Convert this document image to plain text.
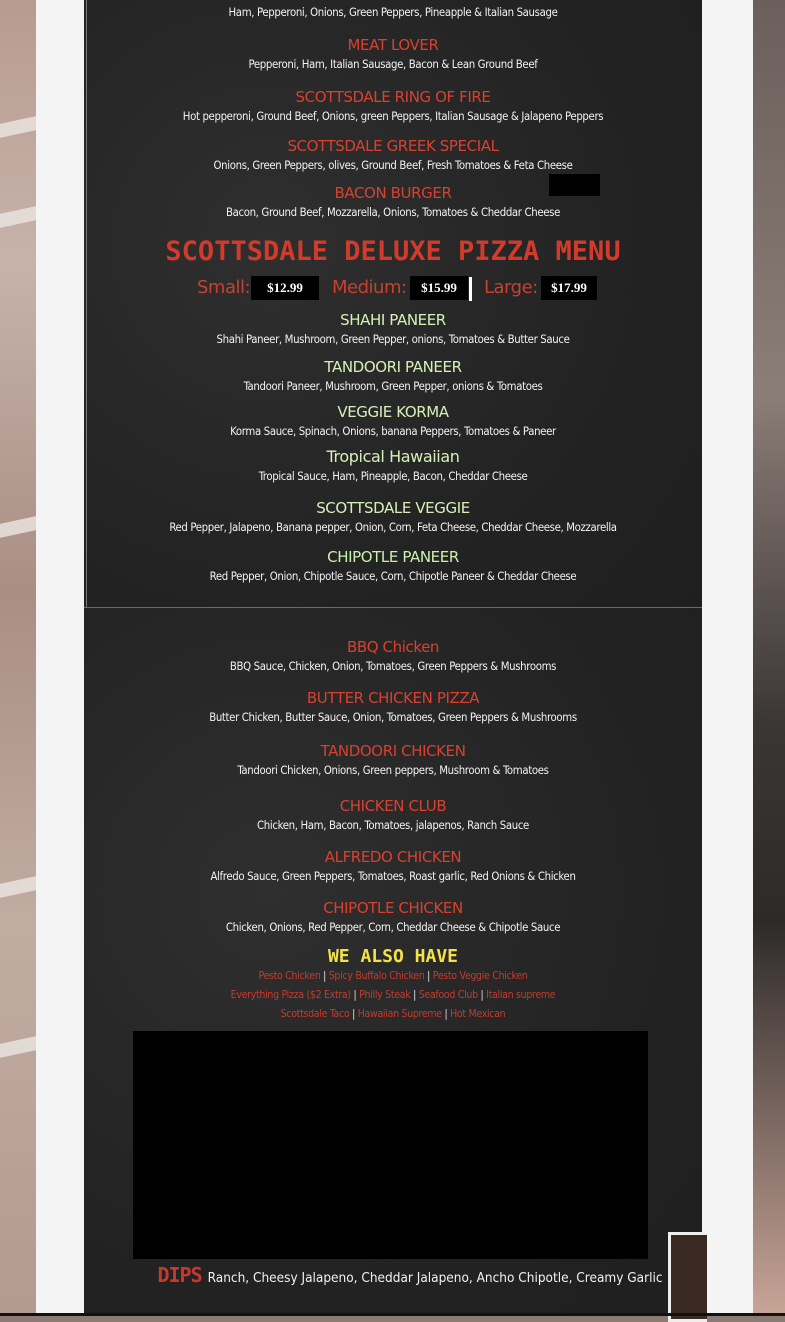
Ham, Pepperoni, Onions, Green Peppers, Pineapple & Italian Sausage
MEAT LOVER
Pepperoni, Ham, Italian Sausage, Bacon & Lean Ground Beef
SCOTTSDALE RING OF FIRE
Hot pepperoni, Ground Beef, Onions, green Peppers, Italian Sausage & Jalapeno Peppers
SCOTTSDALE GREEK SPECIAL
Onions, Green Peppers, olives, Ground Beef, Fresh Tomatoes & Feta Cheese
BACON BURGER
Bacon, Ground Beef, Mozzarella, Onions, Tomatoes & Cheddar Cheese
SCOTTSDALE DELUXE PIZZA MENU
Small:	$12.99	Medium:	$15.99	Large:	$17.99
SHAHI PANEER
Shahi Paneer, Mushroom, Green Pepper, onions, Tomatoes & Butter Sauce
TANDOORI PANEER
Tandoori Paneer, Mushroom, Green Pepper, onions & Tomatoes
VEGGIE KORMA
Korma Sauce, Spinach, Onions, banana Peppers, Tomatoes & Paneer
Tropical Hawaiian
Tropical Sauce, Ham, Pineapple, Bacon, Cheddar Cheese
SCOTTSDALE VEGGIE
Red Pepper, Jalapeno, Banana pepper, Onion, Corn, Feta Cheese, Cheddar Cheese, Mozzarella
CHIPOTLE PANEER
Red Pepper, Onion, Chipotle Sauce, Corn, Chipotle Paneer & Cheddar Cheese
BBQ Chicken
BBQ Sauce, Chicken, Onion, Tomatoes, Green Peppers & Mushrooms
BUTTER CHICKEN PIZZA
Butter Chicken, Butter Sauce, Onion, Tomatoes, Green Peppers & Mushrooms
TANDOORI CHICKEN
Tandoori Chicken, Onions, Green peppers, Mushroom & Tomatoes
CHICKEN CLUB
Chicken, Ham, Bacon, Tomatoes, jalapenos, Ranch Sauce
ALFREDO CHICKEN
Alfredo Sauce, Green Peppers, Tomatoes, Roast garlic, Red Onions & Chicken
CHIPOTLE CHICKEN
Chicken, Onions, Red Pepper, Corn, Cheddar Cheese & Chipotle Sauce
WE ALSO HAVE
Pesto Chicken | Spicy Buffalo Chicken | Pesto Veggie Chicken
Everything Pizza ($2 Extra) | Philly Steak | Seafood Club | Italian supreme
Scottsdale Taco | Hawaiian Supreme | Hot Mexican
DIPS Ranch, Cheesy Jalapeno, Cheddar Jalapeno, Ancho Chipotle, Creamy Garlic
